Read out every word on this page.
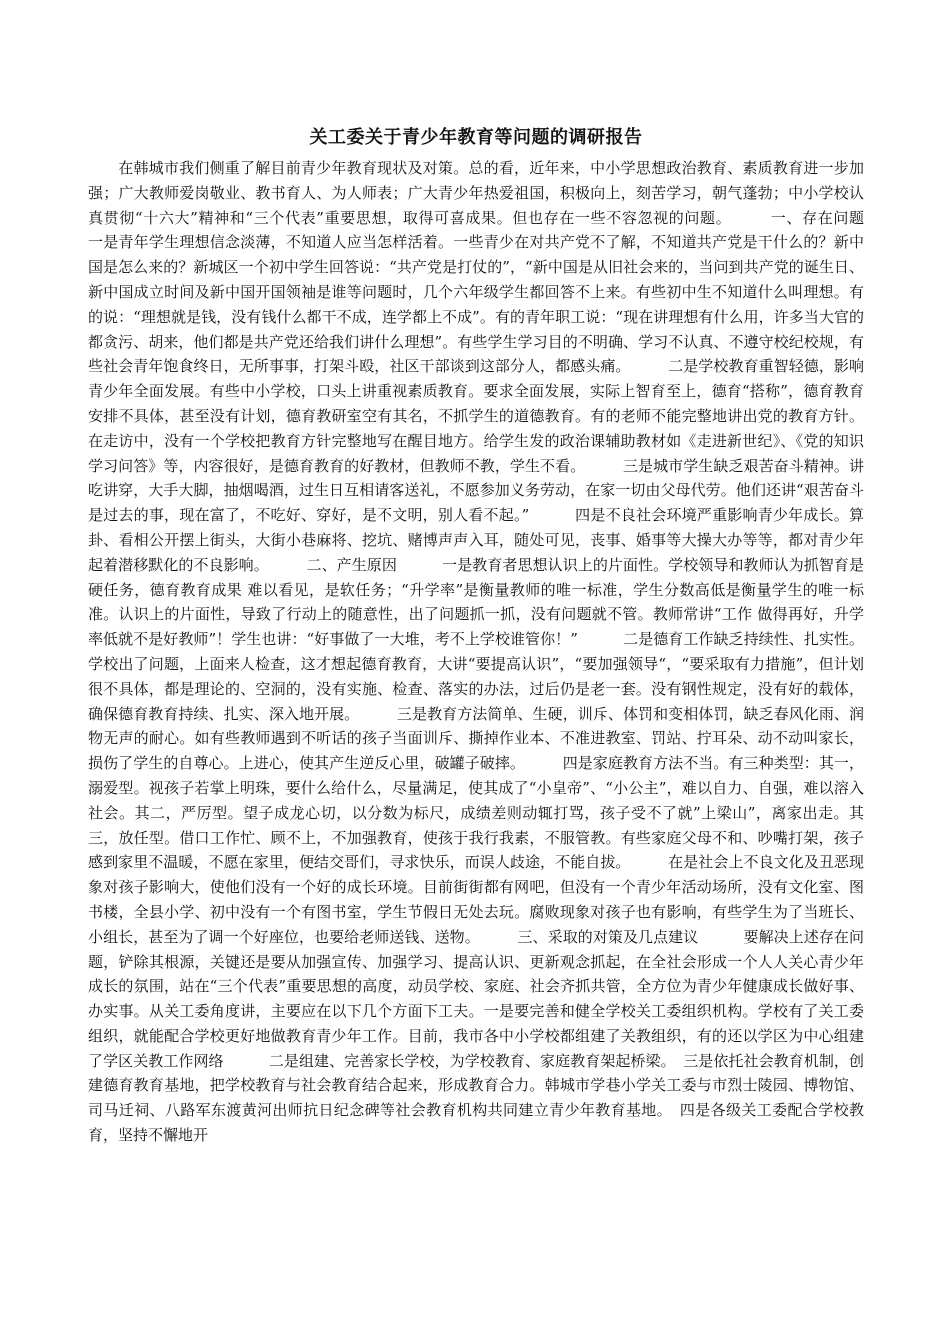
关工委关于青少年教育等问题的调研报告

在韩城市我们侧重了解目前青少年教育现状及对策。总的看，近年来，中小学思想政治教育、素质教育进一步加强；广大教师爱岗敬业、教书育人、为人师表；广大青少年热爱祖国，积极向上，刻苦学习，朝气蓬勃；中小学校认真贯彻“十六大”精神和“三个代表”重要思想，取得可喜成果。但也存在一些不容忽视的问题。　　　一、存在问题　　　一是青年学生理想信念淡薄，不知道人应当怎样活着。一些青少在对共产党不了解，不知道共产党是干什么的？新中国是怎么来的？新城区一个初中学生回答说：“共产党是打仗的”，“新中国是从旧社会来的，当问到共产党的诞生日、新中国成立时间及新中国开国领袖是谁等问题时，几个六年级学生都回答不上来。有些初中生不知道什么叫理想。有的说：“理想就是钱，没有钱什么都干不成，连学都上不成”。有的青年职工说：“现在讲理想有什么用，许多当大官的都贪污、胡来，他们都是共产党还给我们讲什么理想”。有些学生学习目的不明确、学习不认真、不遵守校纪校规，有些社会青年饱食终日，无所事事，打架斗殴，社区干部谈到这部分人，都感头痛。　　　二是学校教育重智轻德，影响青少年全面发展。有些中小学校，口头上讲重视素质教育。要求全面发展，实际上智育至上，德育“搭称”，德育教育安排不具体，甚至没有计划，德育教研室空有其名，不抓学生的道德教育。有的老师不能完整地讲出党的教育方针。在走访中，没有一个学校把教育方针完整地写在醒目地方。给学生发的政治课辅助教材如《走进新世纪》、《党的知识学习问答》等，内容很好，是德育教育的好教材，但教师不教，学生不看。　　　三是城市学生缺乏艰苦奋斗精神。讲吃讲穿，大手大脚，抽烟喝酒，过生日互相请客送礼，不愿参加义务劳动，在家一切由父母代劳。他们还讲“艰苦奋斗是过去的事，现在富了，不吃好、穿好，是不文明，别人看不起。”　　　四是不良社会环境严重影响青少年成长。算卦、看相公开摆上街头，大街小巷麻将、挖坑、赌博声声入耳，随处可见，丧事、婚事等大操大办等等，都对青少年起着潜移默化的不良影响。　　　二、产生原因　　　一是教育者思想认识上的片面性。学校领导和教师认为抓智育是硬任务，德育教育成果 难以看见，是软任务；“升学率”是衡量教师的唯一标准，学生分数高低是衡量学生的唯一标准。认识上的片面性，导致了行动上的随意性，出了问题抓一抓，没有问题就不管。教师常讲“工作 做得再好，升学率低就不是好教师”！学生也讲：“好事做了一大堆，考不上学校谁管你！”　　　二是德育工作缺乏持续性、扎实性。学校出了问题，上面来人检查，这才想起德育教育，大讲“要提高认识”，“要加强领导“，“要采取有力措施”，但计划很不具体，都是理论的、空洞的，没有实施、检查、落实的办法，过后仍是老一套。没有钢性规定，没有好的载体，确保德育教育持续、扎实、深入地开展。　　　三是教育方法简单、生硬，训斥、体罚和变相体罚，缺乏春风化雨、润物无声的耐心。如有些教师遇到不听话的孩子当面训斥、撕掉作业本、不准进教室、罚站、拧耳朵、动不动叫家长，损伤了学生的自尊心。上进心，使其产生逆反心里，破罐子破摔。　　　四是家庭教育方法不当。有三种类型：其一，溺爱型。视孩子若掌上明珠，要什么给什么，尽量满足，使其成了“小皇帝”、“小公主”，难以自力、自强，难以溶入社会。其二，严厉型。望子成龙心切，以分数为标尺，成绩差则动辄打骂，孩子受不了就”上梁山”，离家出走。其三，放任型。借口工作忙、顾不上，不加强教育，使孩于我行我素，不服管教。有些家庭父母不和、吵嘴打架，孩子感到家里不温暖，不愿在家里，便结交哥们，寻求快乐，而误人歧途，不能自拔。　　　在是社会上不良文化及丑恶现象对孩子影响大，使他们没有一个好的成长环境。目前街街都有网吧，但没有一个青少年活动场所，没有文化室、图书楼，全县小学、初中没有一个有图书室，学生节假日无处去玩。腐败现象对孩子也有影响，有些学生为了当班长、小组长，甚至为了调一个好座位，也要给老师送钱、送物。　　　三、采取的对策及几点建议　　　要解决上述存在问题，铲除其根源，关键还是要从加强宣传、加强学习、提高认识、更新观念抓起，在全社会形成一个人人关心青少年成长的氛围，站在“三个代表”重要思想的高度，动员学校、家庭、社会齐抓共管，全方位为青少年健康成长做好事、办实事。从关工委角度讲，主要应在以下几个方面下工夫。一是要完善和健全学校关工委组织机构。学校有了关工委组织，就能配合学校更好地做教育青少年工作。目前，我市各中小学校都组建了关教组织，有的还以学区为中心组建了学区关教工作网络　　　二是组建、完善家长学校，为学校教育、家庭教育架起桥梁。　三是依托社会教育机制，创建德育教育基地，把学校教育与社会教育结合起来，形成教育合力。韩城市学巷小学关工委与市烈士陵园、博物馆、司马迁祠、八路军东渡黄河出师抗日纪念碑等社会教育机构共同建立青少年教育基地。　四是各级关工委配合学校教育，坚持不懈地开
